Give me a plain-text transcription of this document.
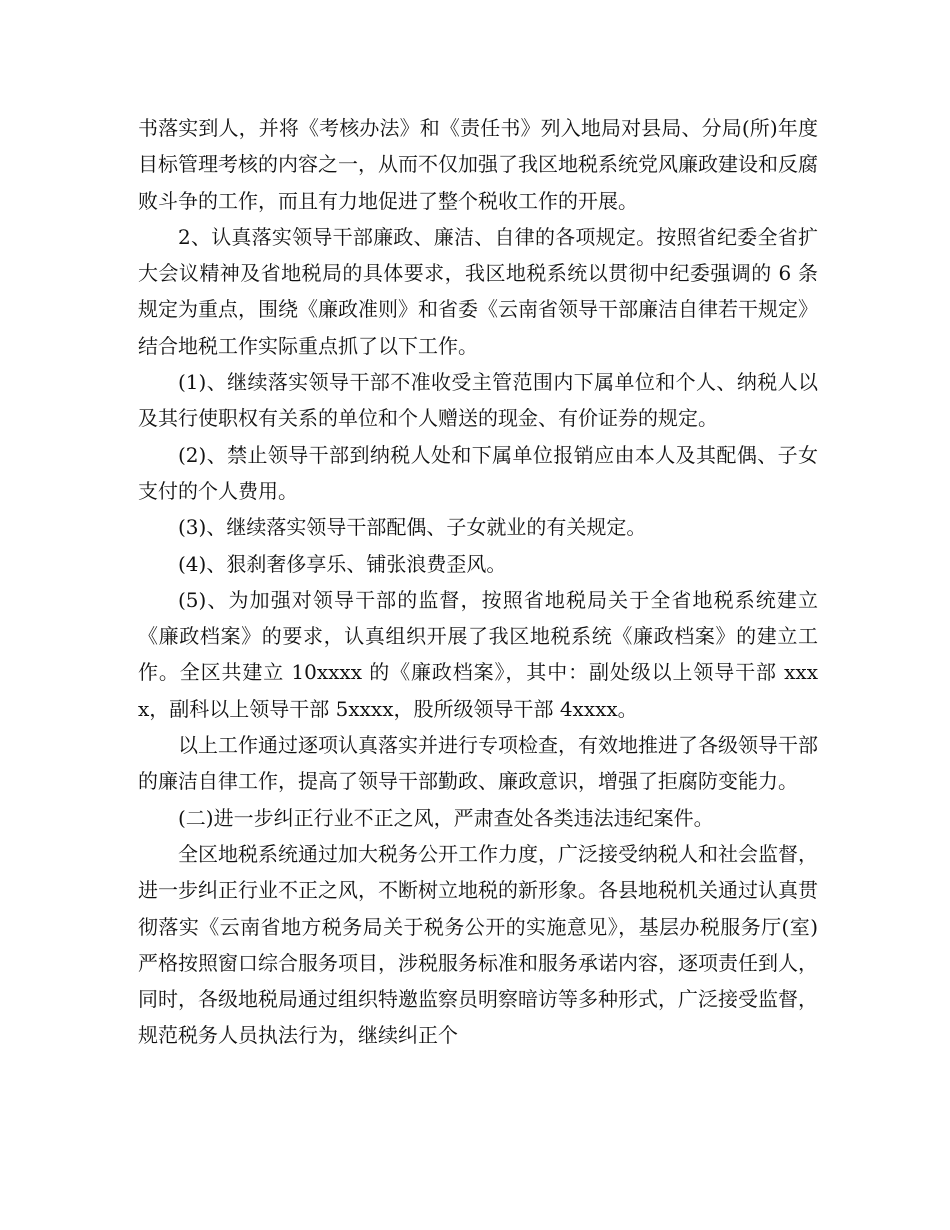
书落实到人，并将《考核办法》和《责任书》列入地局对县局、分局(所)年度目标管理考核的内容之一，从而不仅加强了我区地税系统党风廉政建设和反腐败斗争的工作，而且有力地促进了整个税收工作的开展。

2、认真落实领导干部廉政、廉洁、自律的各项规定。按照省纪委全省扩大会议精神及省地税局的具体要求，我区地税系统以贯彻中纪委强调的 6 条规定为重点，围绕《廉政准则》和省委《云南省领导干部廉洁自律若干规定》结合地税工作实际重点抓了以下工作。

(1)、继续落实领导干部不准收受主管范围内下属单位和个人、纳税人以及其行使职权有关系的单位和个人赠送的现金、有价证券的规定。

(2)、禁止领导干部到纳税人处和下属单位报销应由本人及其配偶、子女支付的个人费用。

(3)、继续落实领导干部配偶、子女就业的有关规定。

(4)、狠刹奢侈享乐、铺张浪费歪风。

(5)、为加强对领导干部的监督，按照省地税局关于全省地税系统建立《廉政档案》的要求，认真组织开展了我区地税系统《廉政档案》的建立工作。全区共建立 10xxxx 的《廉政档案》，其中：副处级以上领导干部 xxxx，副科以上领导干部 5xxxx，股所级领导干部 4xxxx。

以上工作通过逐项认真落实并进行专项检查，有效地推进了各级领导干部的廉洁自律工作，提高了领导干部勤政、廉政意识，增强了拒腐防变能力。

(二)进一步纠正行业不正之风，严肃查处各类违法违纪案件。

全区地税系统通过加大税务公开工作力度，广泛接受纳税人和社会监督，进一步纠正行业不正之风，不断树立地税的新形象。各县地税机关通过认真贯彻落实《云南省地方税务局关于税务公开的实施意见》，基层办税服务厅(室)严格按照窗口综合服务项目，涉税服务标准和服务承诺内容，逐项责任到人，同时，各级地税局通过组织特邀监察员明察暗访等多种形式，广泛接受监督，规范税务人员执法行为，继续纠正个
